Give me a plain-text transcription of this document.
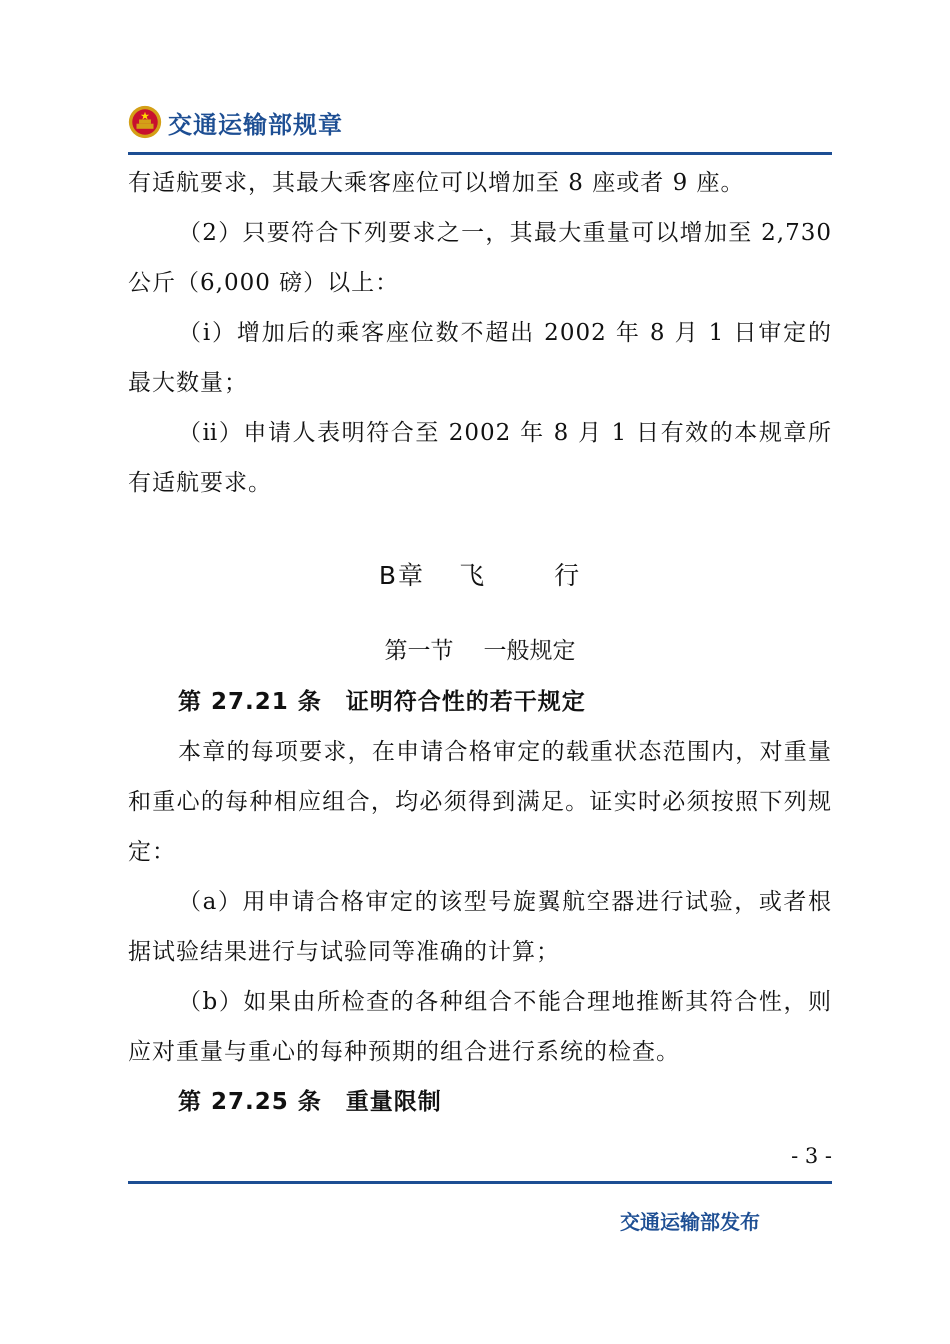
交通运输部规章

有适航要求，其最大乘客座位可以增加至 8 座或者 9 座。

（2）只要符合下列要求之一，其最大重量可以增加至 2,730 公斤（6,000 磅）以上：

（ⅰ）增加后的乘客座位数不超出 2002 年 8 月 1 日审定的最大数量；

（ⅱ）申请人表明符合至 2002 年 8 月 1 日有效的本规章所有适航要求。

B章 飞	行
第一节 一般规定

第 27.21 条 证明符合性的若干规定

本章的每项要求，在申请合格审定的载重状态范围内，对重量和重心的每种相应组合，均必须得到满足。证实时必须按照下列规定：

（a）用申请合格审定的该型号旋翼航空器进行试验，或者根据试验结果进行与试验同等准确的计算；

（b）如果由所检查的各种组合不能合理地推断其符合性，则应对重量与重心的每种预期的组合进行系统的检查。

第 27.25 条 重量限制

- 3 -
交通运输部发布
